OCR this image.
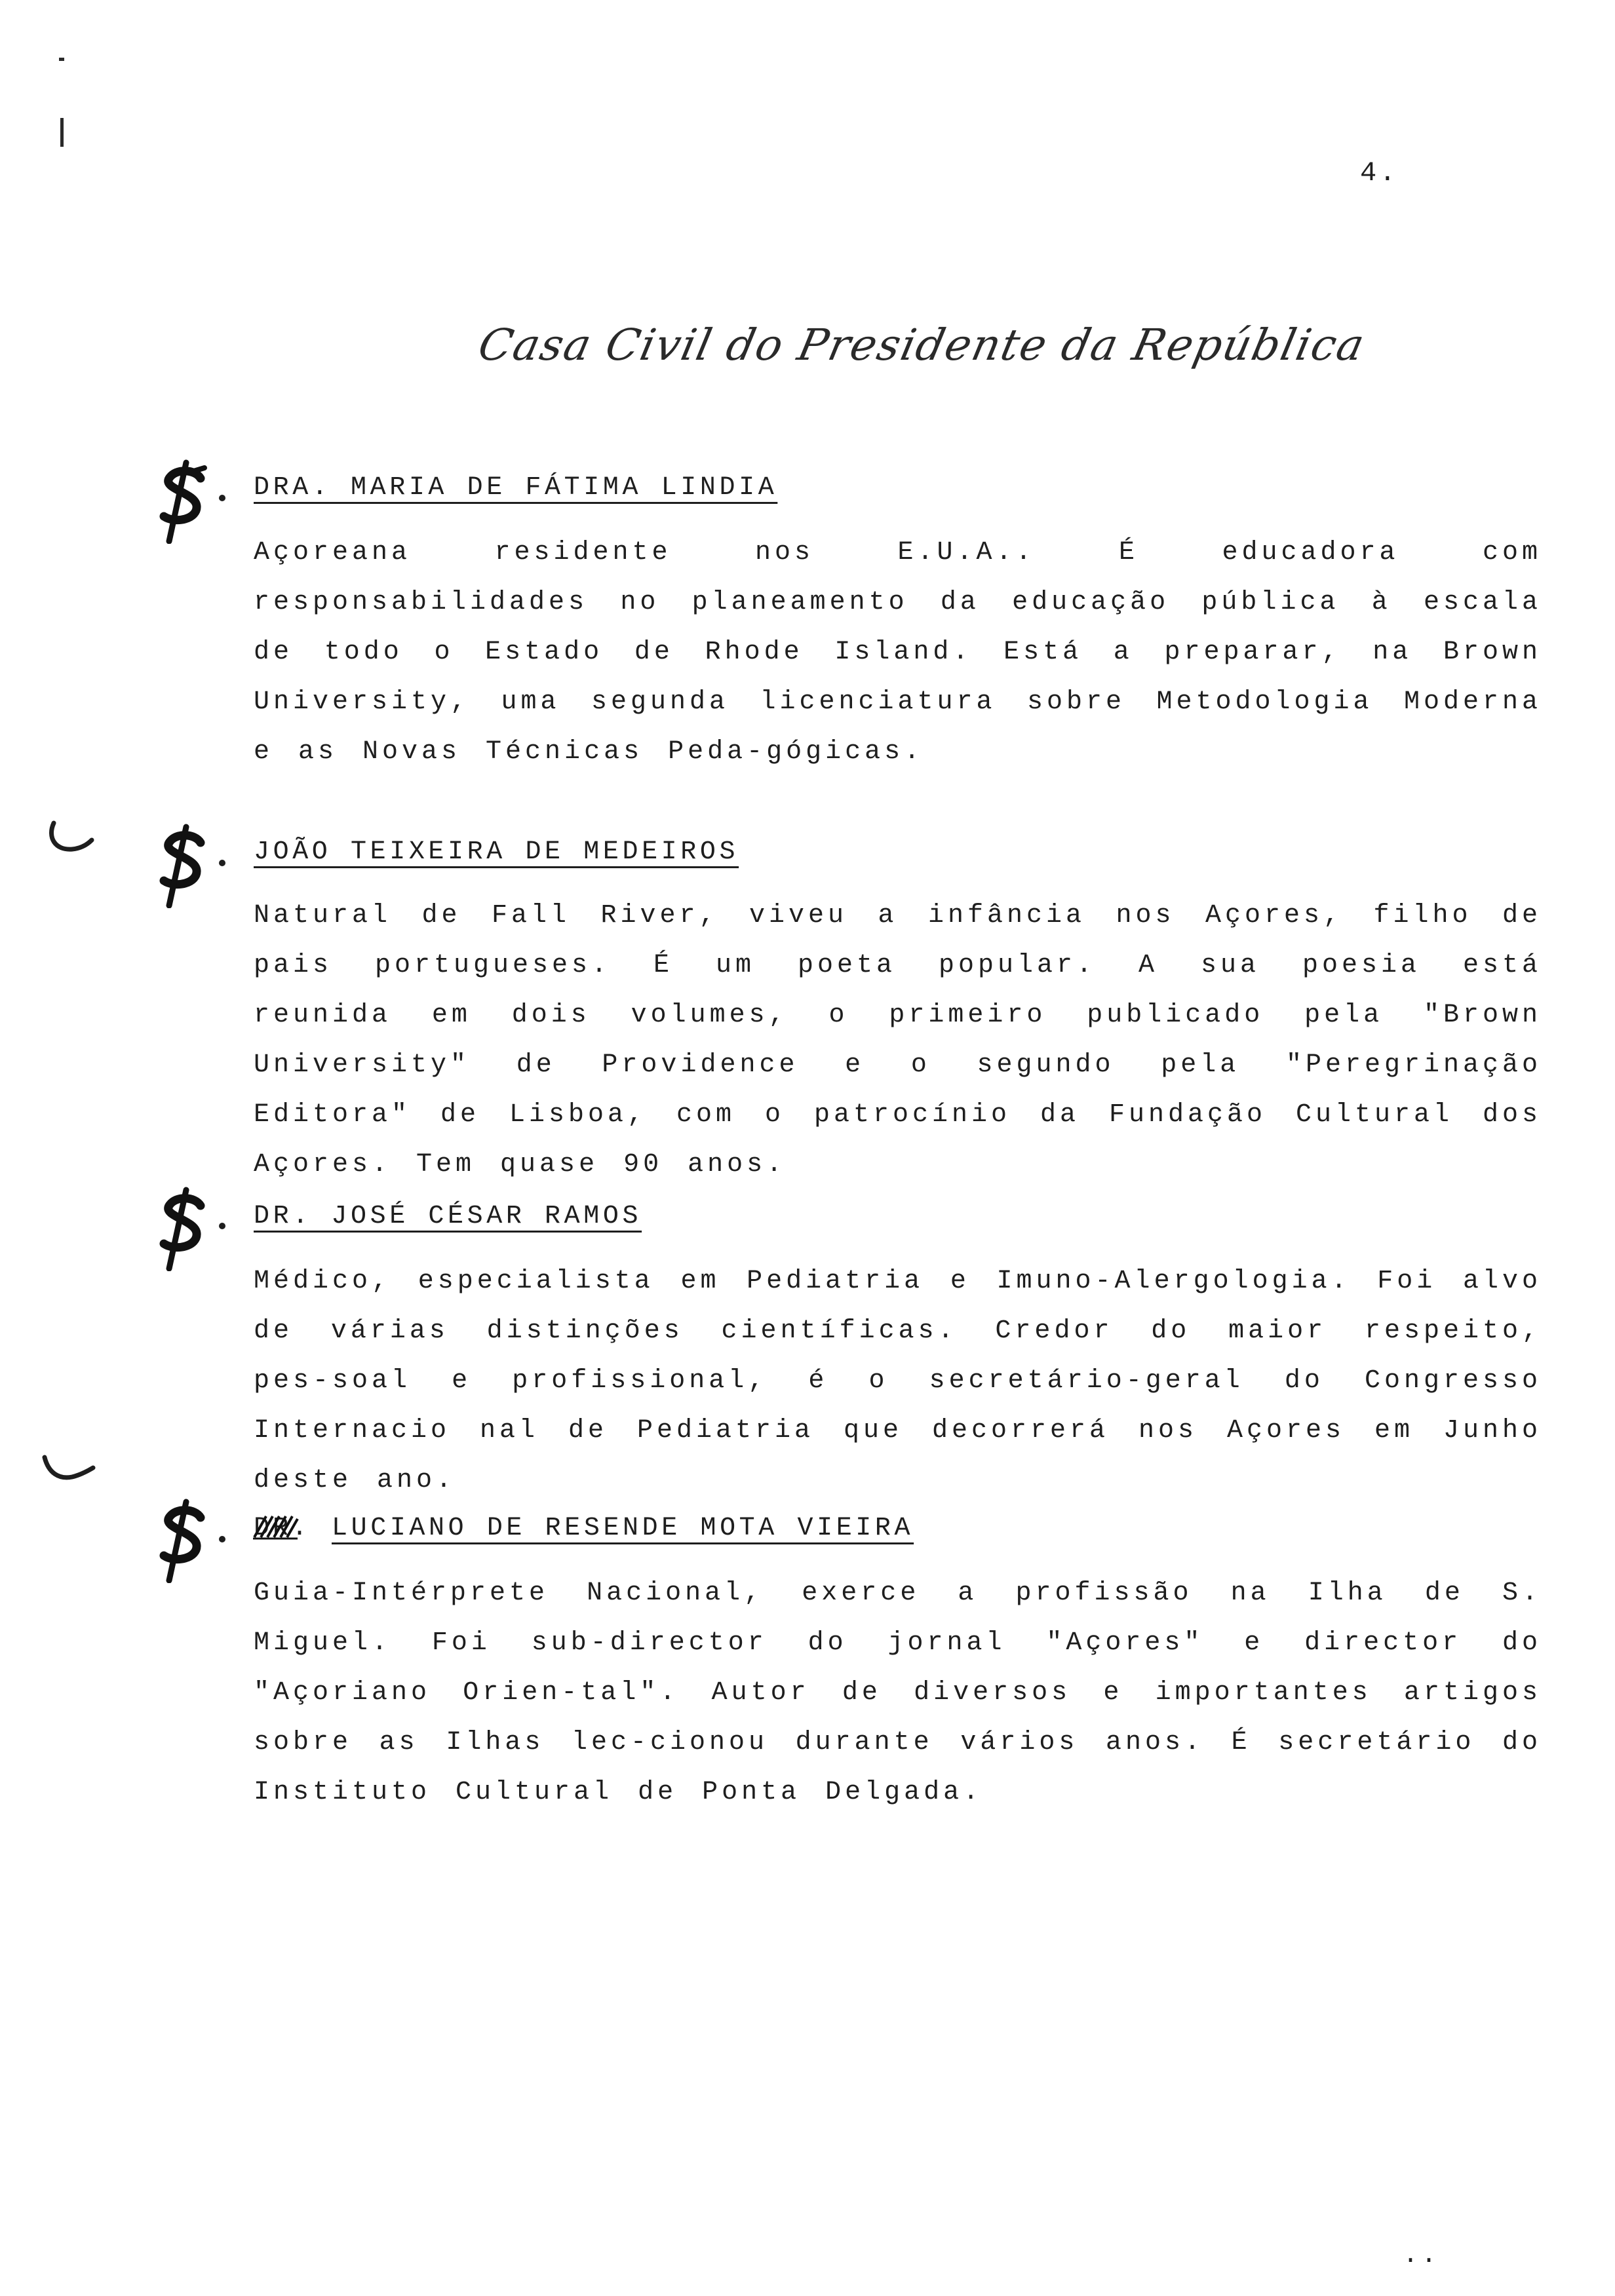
4.
Casa Civil do Presidente da República
DRA. MARIA DE FÁTIMA LINDIA

Açoreana residente nos E.U.A.. É educadora com responsabilidades no planeamento da educação pública à escala de todo o Estado de Rhode Island. Está a preparar, na Brown University, uma segunda licenciatura sobre Metodologia Moderna e as Novas Técnicas Peda-gógicas.

JOÃO TEIXEIRA DE MEDEIROS

Natural de Fall River, viveu a infância nos Açores, filho de pais portugueses. É um poeta popular. A sua poesia está reunida em dois volumes, o primeiro publicado pela "Brown University" de Providence e o segundo pela "Peregrinação Editora" de Lisboa, com o patrocínio da Fundação Cultural dos Açores. Tem quase 90 anos.

DR. JOSÉ CÉSAR RAMOS

Médico, especialista em Pediatria e Imuno-Alergologia. Foi alvo de várias distinções científicas. Credor do maior respeito, pes-soal e profissional, é o secretário-geral do Congresso Internacio nal de Pediatria que decorrerá nos Açores em Junho deste ano.

DR. LUCIANO DE RESENDE MOTA VIEIRA

Guia-Intérprete Nacional, exerce a profissão na Ilha de S. Miguel. Foi sub-director do jornal "Açores" e director do "Açoriano Orien-tal". Autor de diversos e importantes artigos sobre as Ilhas lec-cionou durante vários anos. É secretário do Instituto Cultural de Ponta Delgada.

..
